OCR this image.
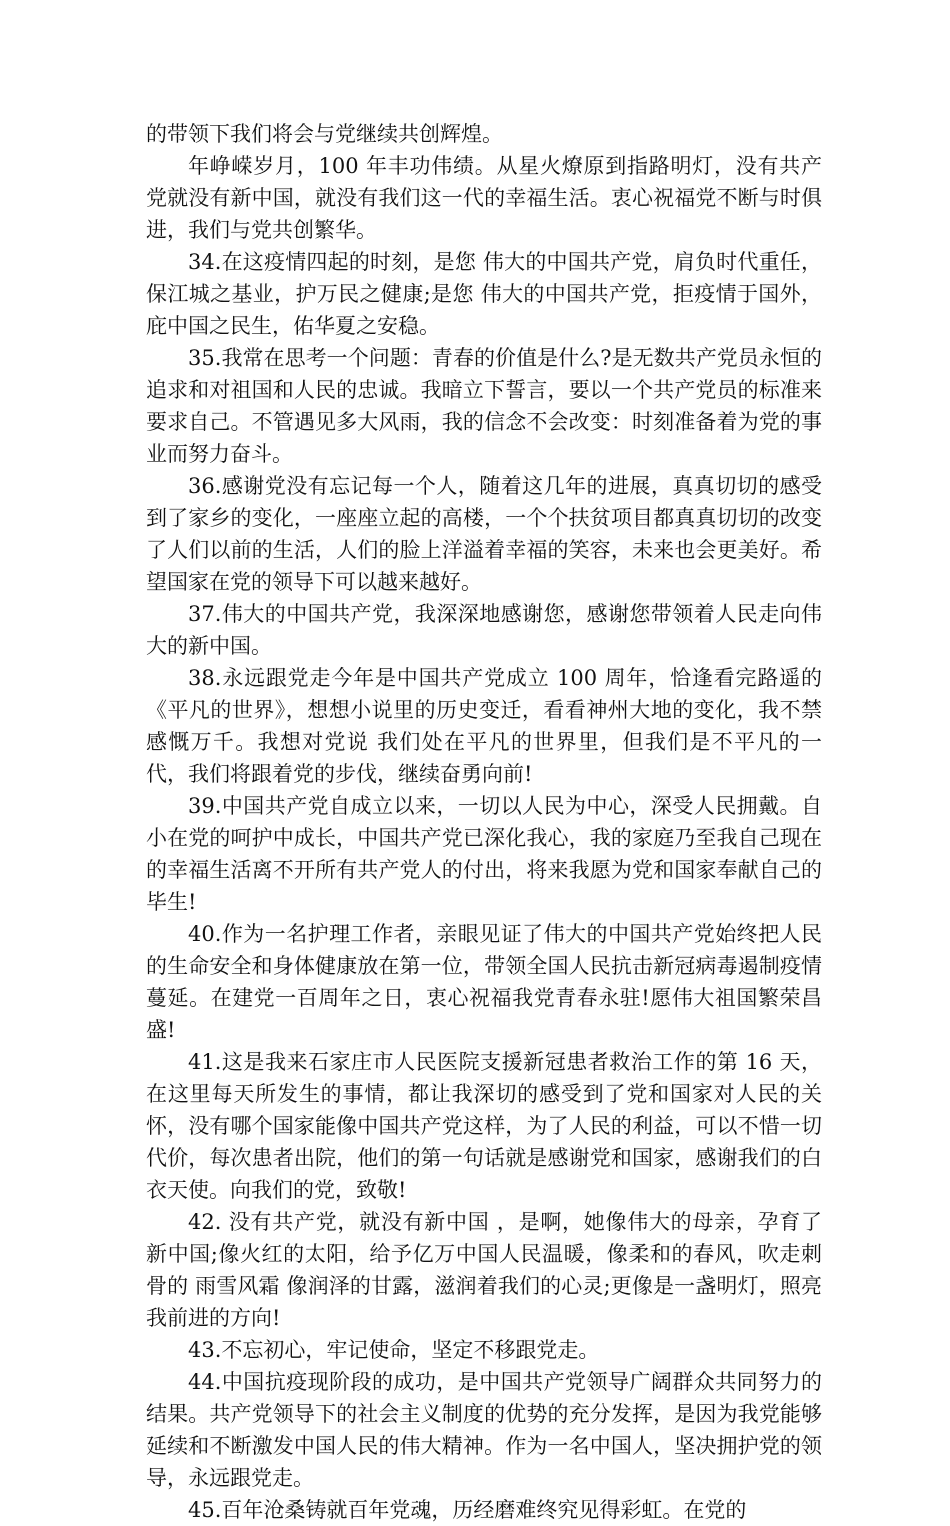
的带领下我们将会与党继续共创辉煌。

年峥嵘岁月，100 年丰功伟绩。从星火燎原到指路明灯，没有共产党就没有新中国，就没有我们这一代的幸福生活。衷心祝福党不断与时俱进，我们与党共创繁华。

34.在这疫情四起的时刻，是您 伟大的中国共产党，肩负时代重任，保江城之基业，护万民之健康;是您 伟大的中国共产党，拒疫情于国外，庇中国之民生，佑华夏之安稳。

35.我常在思考一个问题：青春的价值是什么?是无数共产党员永恒的追求和对祖国和人民的忠诚。我暗立下誓言，要以一个共产党员的标准来要求自己。不管遇见多大风雨，我的信念不会改变：时刻准备着为党的事业而努力奋斗。

36.感谢党没有忘记每一个人，随着这几年的进展，真真切切的感受到了家乡的变化，一座座立起的高楼，一个个扶贫项目都真真切切的改变了人们以前的生活，人们的脸上洋溢着幸福的笑容，未来也会更美好。希望国家在党的领导下可以越来越好。

37.伟大的中国共产党，我深深地感谢您，感谢您带领着人民走向伟大的新中国。

38.永远跟党走今年是中国共产党成立 100 周年，恰逢看完路遥的《平凡的世界》，想想小说里的历史变迁，看看神州大地的变化，我不禁感慨万千。我想对党说 我们处在平凡的世界里，但我们是不平凡的一代，我们将跟着党的步伐，继续奋勇向前!

39.中国共产党自成立以来，一切以人民为中心，深受人民拥戴。自小在党的呵护中成长，中国共产党已深化我心，我的家庭乃至我自己现在的幸福生活离不开所有共产党人的付出，将来我愿为党和国家奉献自己的毕生!

40.作为一名护理工作者，亲眼见证了伟大的中国共产党始终把人民的生命安全和身体健康放在第一位，带领全国人民抗击新冠病毒遏制疫情蔓延。在建党一百周年之日，衷心祝福我党青春永驻!愿伟大祖国繁荣昌盛!

41.这是我来石家庄市人民医院支援新冠患者救治工作的第 16 天，在这里每天所发生的事情，都让我深切的感受到了党和国家对人民的关怀，没有哪个国家能像中国共产党这样，为了人民的利益，可以不惜一切代价，每次患者出院，他们的第一句话就是感谢党和国家，感谢我们的白衣天使。向我们的党，致敬!

42. 没有共产党，就没有新中国 ，是啊，她像伟大的母亲，孕育了新中国;像火红的太阳，给予亿万中国人民温暖，像柔和的春风，吹走刺骨的 雨雪风霜 像润泽的甘露，滋润着我们的心灵;更像是一盏明灯，照亮我前进的方向!

43.不忘初心，牢记使命，坚定不移跟党走。

44.中国抗疫现阶段的成功，是中国共产党领导广阔群众共同努力的结果。共产党领导下的社会主义制度的优势的充分发挥，是因为我党能够延续和不断激发中国人民的伟大精神。作为一名中国人，坚决拥护党的领导，永远跟党走。

45.百年沧桑铸就百年党魂，历经磨难终究见得彩虹。在党的
